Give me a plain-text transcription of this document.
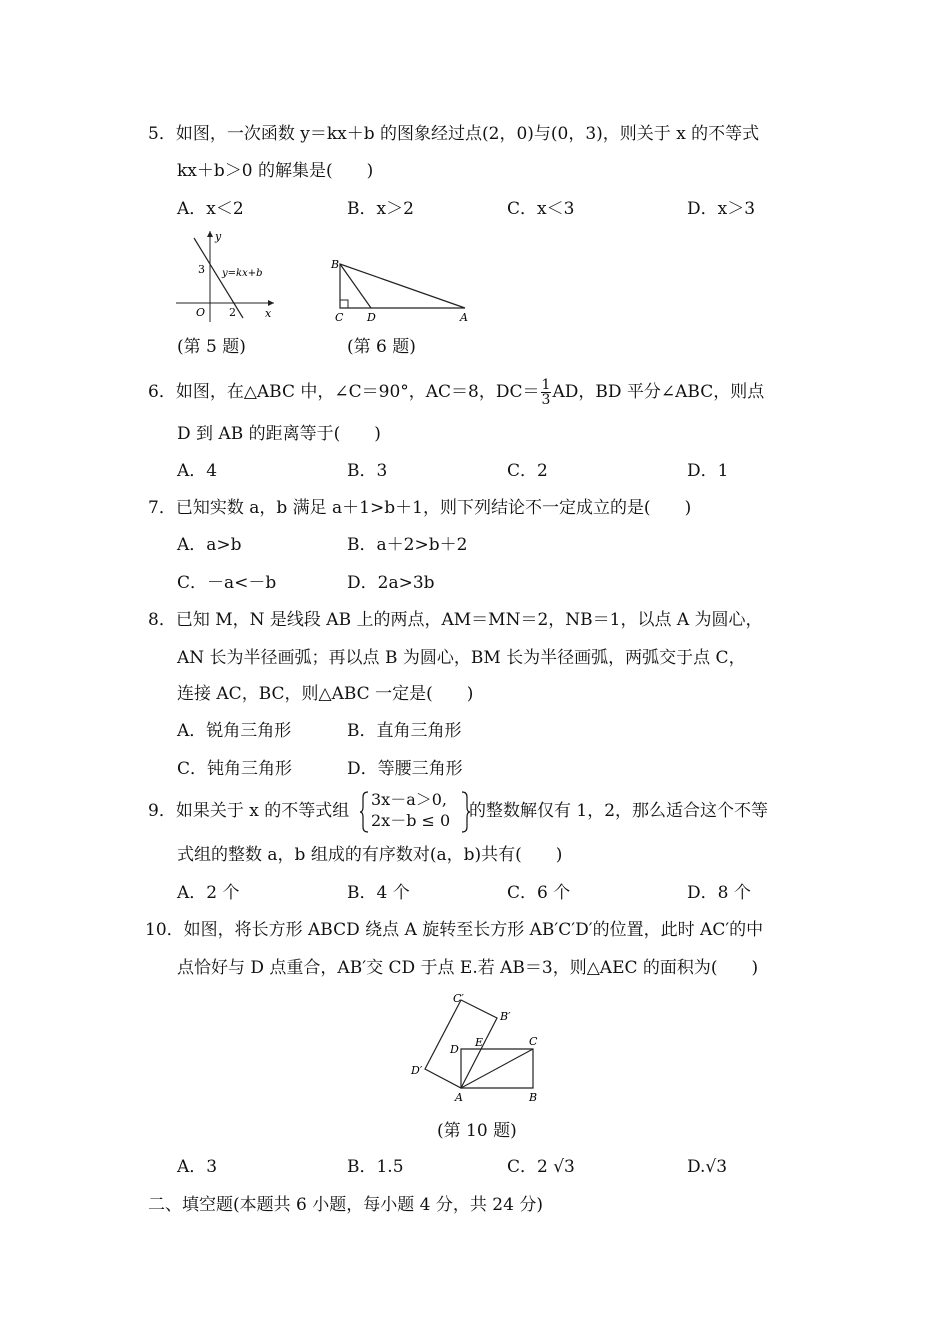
5．如图，一次函数 y＝kx＋b 的图象经过点(2，0)与(0，3)，则关于 x 的不等式
kx＋b＞0 的解集是(　　)
A．x＜2	B．x＞2	C．x＜3	D．x＞3
y
x
O
3
2
y=kx+b
B
C D	A
(第 5 题)	(第 6 题)
6．如图，在△ABC 中，∠C＝90°，AC＝8，$DC= \frac{1}{3}$ AD，BD 平分∠ABC，则点
D 到 AB 的距离等于(　　)
A．4	B．3	C．2	D．1
7．已知实数 a，b 满足 a＋1>b＋1，则下列结论不一定成立的是(　　)
A．a>b	B．a＋2>b＋2
C．－a<－b	D．2a>3b
8．已知 M，N 是线段 AB 上的两点，AM＝MN＝2，NB＝1，以点 A 为圆心，
AN 长为半径画弧；再以点 B 为圆心，BM 长为半径画弧，两弧交于点 C，
连接 AC，BC，则△ABC 一定是(　　)
A．锐角三角形	B．直角三角形
C．钝角三角形	D．等腰三角形
9．如果关于 x 的不等式组
3x－a＞0,
2x－b ≤ 0 的整数解仅有 1，2，那么适合这个不等
式组的整数 a，b 组成的有序数对(a，b)共有(　　)
A．2 个	B．4 个	C．6 个	D．8 个
10．如图，将长方形 ABCD 绕点 A 旋转至长方形 AB′C′D′的位置，此时 AC′的中
点恰好与 D 点重合，AB′交 CD 于点 E.若 AB＝3，则△AEC 的面积为(　　)
C′
B′
D
E	C
D′
A	B
(第 10 题)
A．3	B．1.5	C．2 √3	D.√3
二、填空题(本题共 6 小题，每小题 4 分，共 24 分)
